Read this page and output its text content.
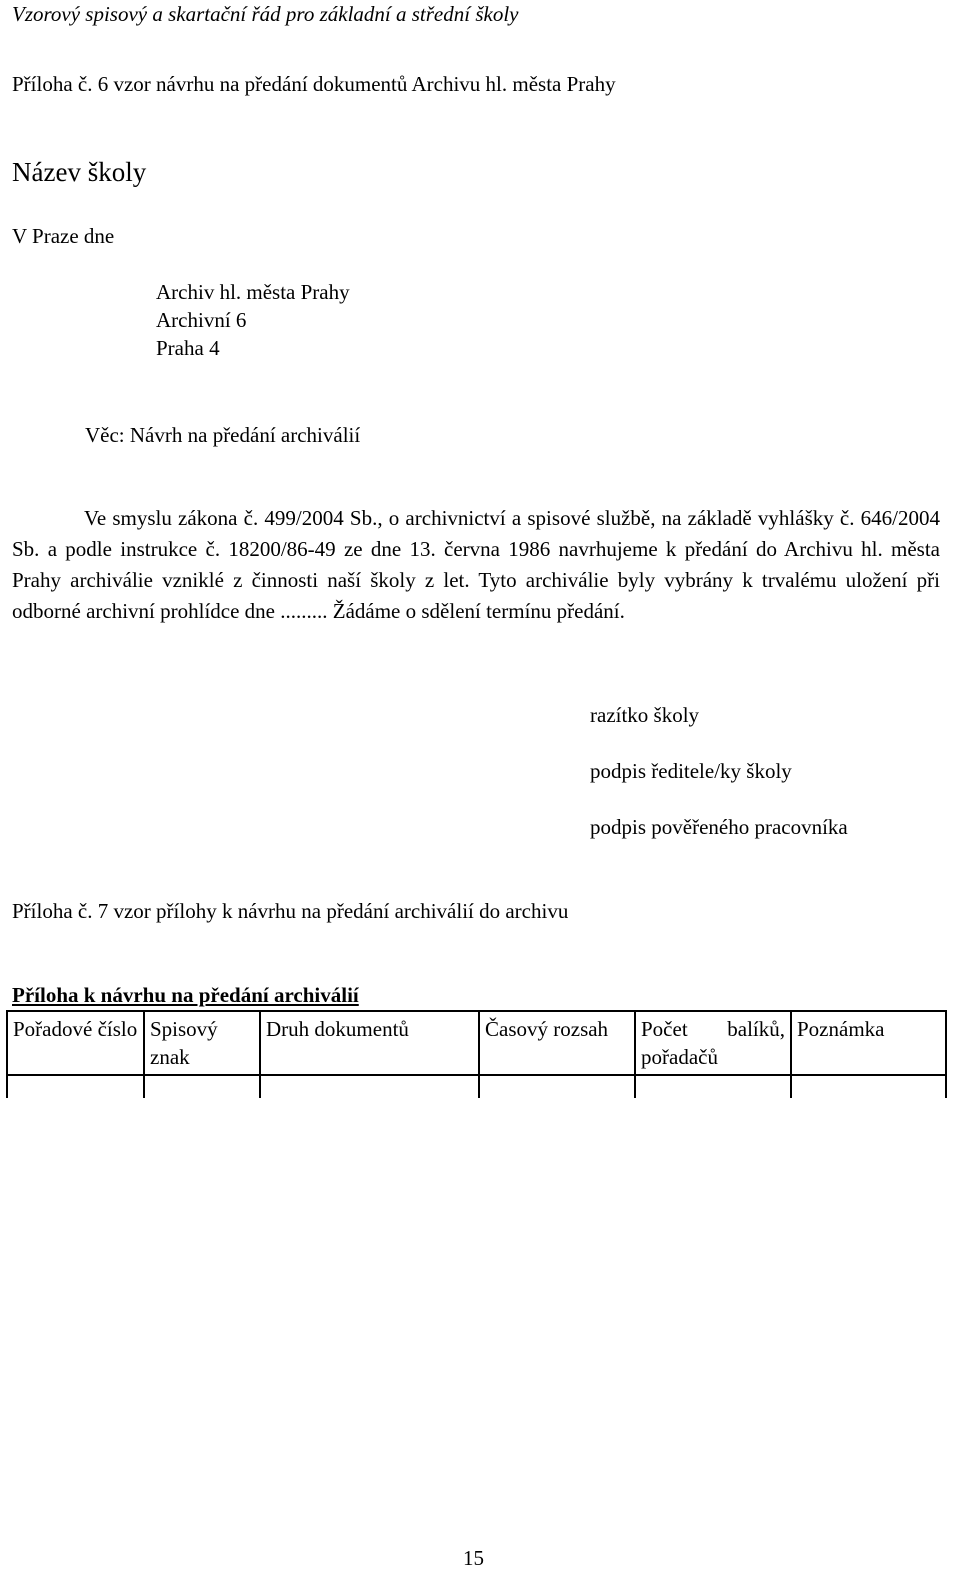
Vzorový spisový a skartační řád pro základní a střední školy
Příloha č. 6 vzor návrhu na předání dokumentů Archivu hl. města Prahy
Název školy
V Praze dne
Archiv hl. města Prahy
Archivní 6
Praha 4
Věc: Návrh na předání archiválií
Ve smyslu zákona č. 499/2004 Sb., o archivnictví a spisové službě, na základě vyhlášky č. 646/2004 Sb. a podle instrukce č. 18200/86-49 ze dne 13. června 1986 navrhujeme k předání do Archivu hl. města Prahy archiválie vzniklé z činnosti naší školy z let. Tyto archiválie byly vybrány k trvalému uložení při odborné archivní prohlídce dne ......... Žádáme o sdělení termínu předání.
razítko školy
podpis ředitele/ky školy
podpis pověřeného pracovníka
Příloha č. 7 vzor přílohy k návrhu na předání archiválií do archivu
Příloha k návrhu na předání archiválií
Pořadové číslo	Spisový znak	Druh dokumentů	Časový rozsah	Počet balíků, pořadačů	Poznámka

15
